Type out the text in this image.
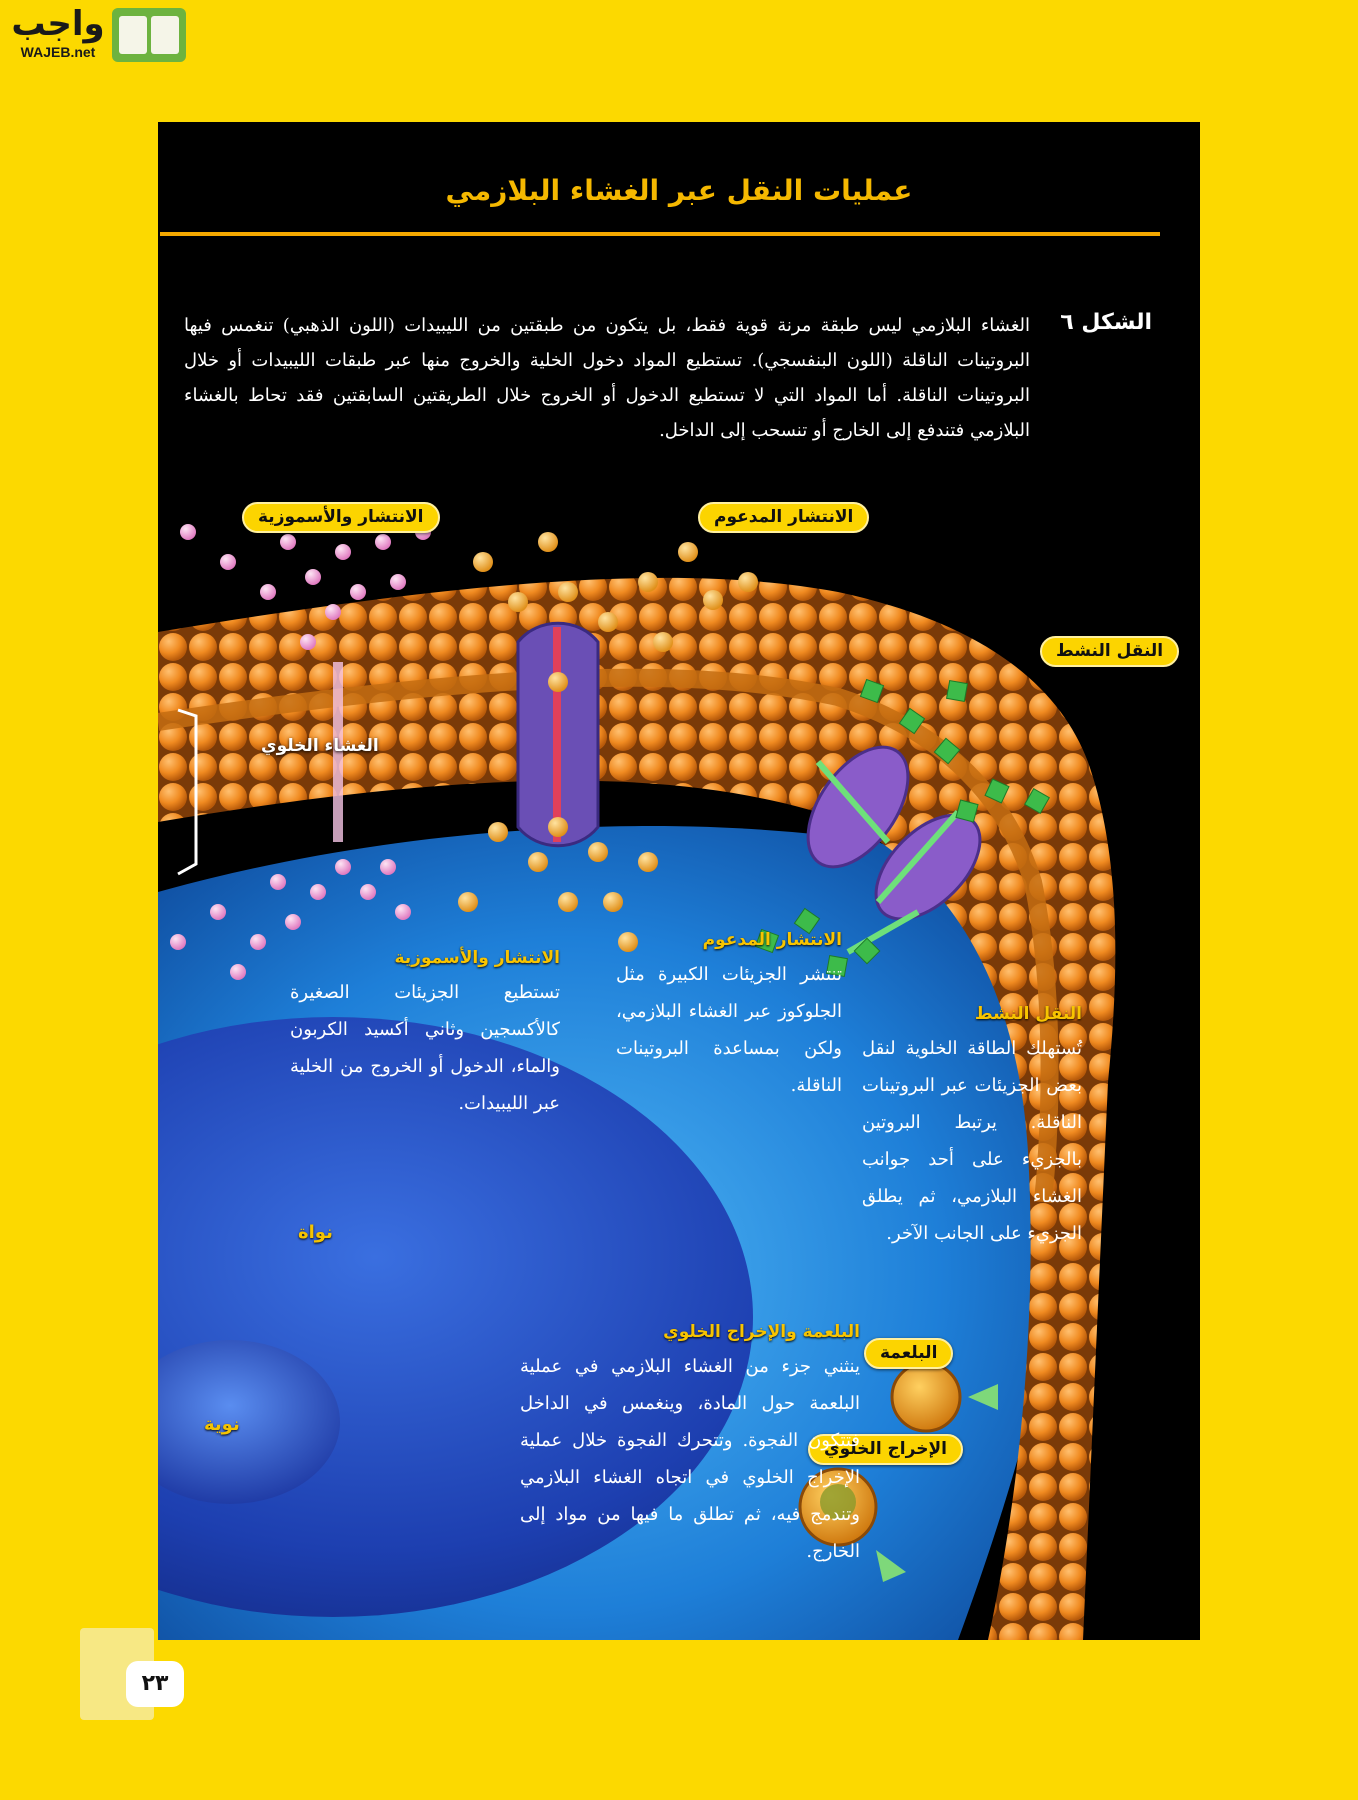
واجب
WAJEB.net
عمليات النقل عبر الغشاء البلازمي
الشكل ٦
الغشاء البلازمي ليس طبقة مرنة قوية فقط، بل يتكون من طبقتين من الليبيدات (اللون الذهبي) تنغمس فيها البروتينات الناقلة (اللون البنفسجي). تستطيع المواد دخول الخلية والخروج منها عبر طبقات الليبيدات أو خلال البروتينات الناقلة. أما المواد التي لا تستطيع الدخول أو الخروج خلال الطريقتين السابقتين فقد تحاط بالغشاء البلازمي فتندفع إلى الخارج أو تنسحب إلى الداخل.
الانتشار والأسموزية	الانتشار المدعوم
النقل النشط
البلعمة
الإخراج الخلوي
الغشاء الخلوي
نواة
نوية
الانتشار والأسموزية
تستطيع الجزيئات الصغيرة كالأكسجين وثاني أكسيد الكربون والماء، الدخول أو الخروج من الخلية عبر الليبيدات.
الانتشار المدعوم
تنتشر الجزيئات الكبيرة مثل الجلوكوز عبر الغشاء البلازمي، ولكن بمساعدة البروتينات الناقلة.
النقل النشط
تُستهلك الطاقة الخلوية لنقل بعض الجزيئات عبر البروتينات الناقلة. يرتبط البروتين بالجزيء على أحد جوانب الغشاء البلازمي، ثم يطلق الجزيء على الجانب الآخر.
البلعمة والإخراج الخلوي
ينثني جزء من الغشاء البلازمي في عملية البلعمة حول المادة، وينغمس في الداخل فتتكون الفجوة. وتتحرك الفجوة خلال عملية الإخراج الخلوي في اتجاه الغشاء البلازمي وتندمج فيه، ثم تطلق ما فيها من مواد إلى الخارج.
٢٣
